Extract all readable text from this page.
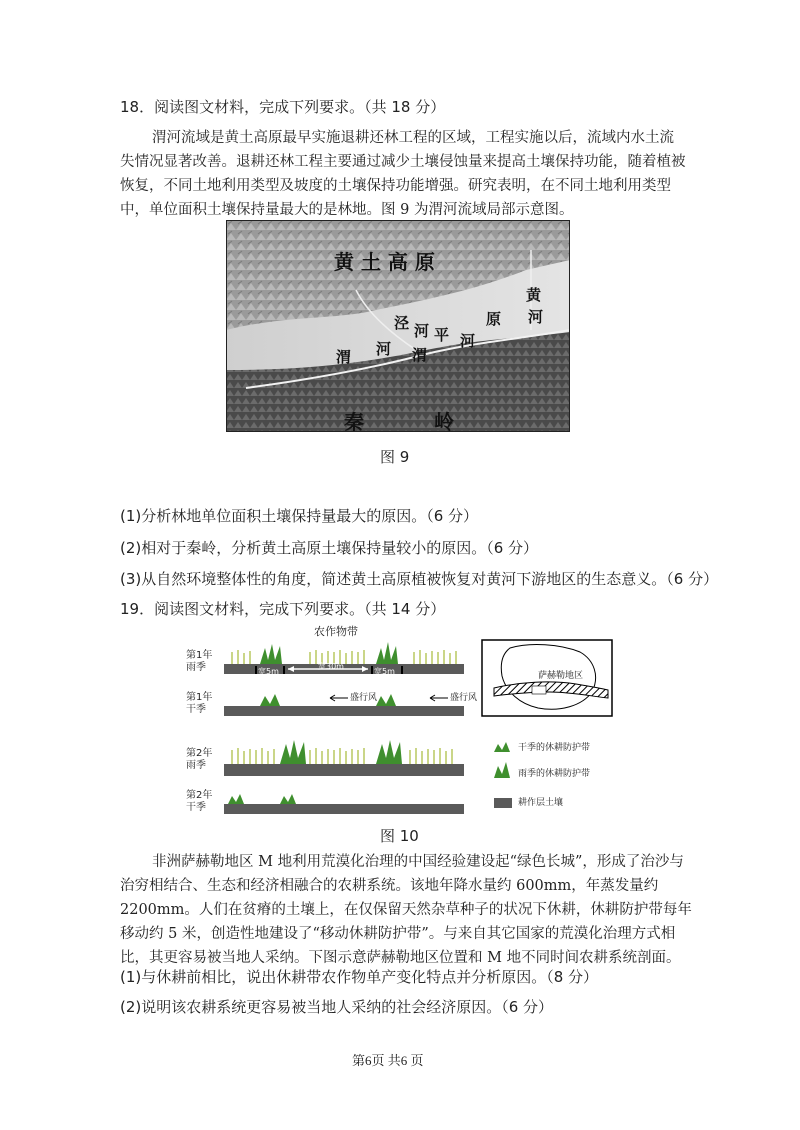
18．阅读图文材料，完成下列要求。（共 18 分）

渭河流域是黄土高原最早实施退耕还林工程的区域，工程实施以后，流域内水土流

失情况显著改善。退耕还林工程主要通过减少土壤侵蚀量来提高土壤保持功能，随着植被

恢复，不同土地利用类型及坡度的土壤保持功能增强。研究表明，在不同土地利用类型

中，单位面积土壤保持量最大的是林地。图 9 为渭河流域局部示意图。

黄 土 高 原
黄
河
泾 河 平 河
原
渭 河 渭
秦	岭
图 9
(1)分析林地单位面积土壤保持量最大的原因。（6 分）
(2)相对于秦岭，分析黄土高原土壤保持量较小的原因。（6 分）
(3)从自然环境整体性的角度，简述黄土高原植被恢复对黄河下游地区的生态意义。（6 分）
19．阅读图文材料，完成下列要求。（共 14 分）
农作物带
第1年
雨季
第1年
干季
第2年
雨季
第2年
干季
宽5m
宽30m
宽5m
盛行风	盛行风
萨赫勒地区
干季的休耕防护带
雨季的休耕防护带
耕作层土壤
图 10

非洲萨赫勒地区 M 地利用荒漠化治理的中国经验建设起“绿色长城”，形成了治沙与

治穷相结合、生态和经济相融合的农耕系统。该地年降水量约 600mm，年蒸发量约

2200mm。人们在贫瘠的土壤上，在仅保留天然杂草种子的状况下休耕，休耕防护带每年

移动约 5 米，创造性地建设了“移动休耕防护带”。与来自其它国家的荒漠化治理方式相

比，其更容易被当地人采纳。下图示意萨赫勒地区位置和 M 地不同时间农耕系统剖面。

(1)与休耕前相比，说出休耕带农作物单产变化特点并分析原因。（8 分）
(2)说明该农耕系统更容易被当地人采纳的社会经济原因。（6 分）
第6页 共6 页
